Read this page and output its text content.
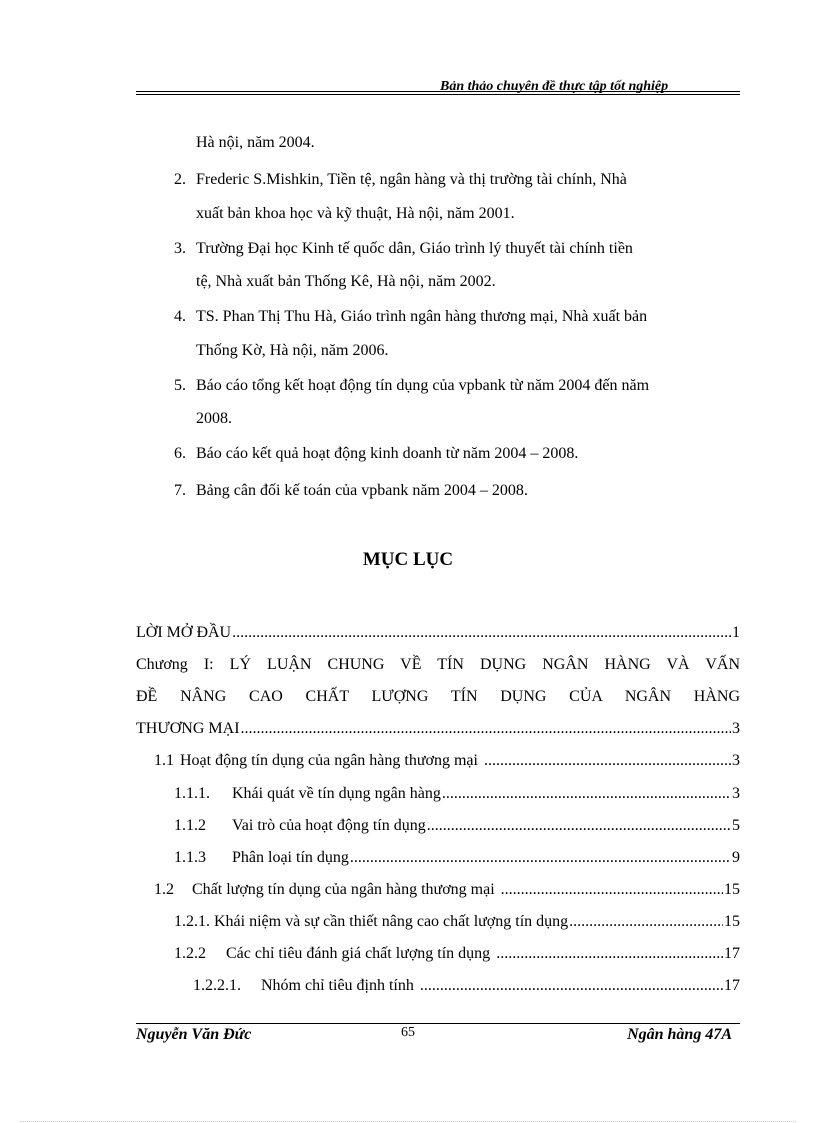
Bản thảo chuyên đề thực tập tốt nghiệp
Hà nội, năm 2004.
2. Frederic S.Mishkin, Tiền tệ, ngân hàng và thị trường tài chính, Nhà
xuất bản khoa học và kỹ thuật, Hà nội, năm 2001.
3. Trường Đại học Kinh tế quốc dân, Giáo trình lý thuyết tài chính tiền
tệ, Nhà xuất bản Thống Kê, Hà nội, năm 2002.
4. TS. Phan Thị Thu Hà, Giáo trình ngân hàng thương mại, Nhà xuất bản
Thống Kờ, Hà nội, năm 2006.
5. Báo cáo tổng kết hoạt động tín dụng của vpbank từ năm 2004 đến năm
2008.
6. Báo cáo kết quả hoạt động kinh doanh từ năm 2004 – 2008.
7. Bảng cân đối kế toán của vpbank năm 2004 – 2008.
MỤC LỤC
LỜI MỞ ĐẦU .....	1
Chương I: LÝ LUẬN CHUNG VỀ TÍN DỤNG NGÂN HÀNG VÀ VẤN
ĐỀ NÂNG CAO CHẤT LƯỢNG TÍN DỤNG CỦA NGÂN HÀNG
THƯƠNG MẠI .....	3
1.1 Hoạt động tín dụng của ngân hàng thương mại .....	3
1.1.1.	Khái quát về tín dụng ngân hàng .....	3
1.1.2	Vai trò của hoạt động tín dụng .....	5
1.1.3	Phân loại tín dụng .....	9
1.2	Chất lượng tín dụng của ngân hàng thương mại .....	15
1.2.1. Khái niệm và sự cần thiết nâng cao chất lượng tín dụng .....	15
1.2.2	Các chỉ tiêu đánh giá chất lượng tín dụng .....	17
1.2.2.1.	Nhóm chỉ tiêu định tính .....	17
Nguyễn Văn Đức	65	Ngân hàng 47A
